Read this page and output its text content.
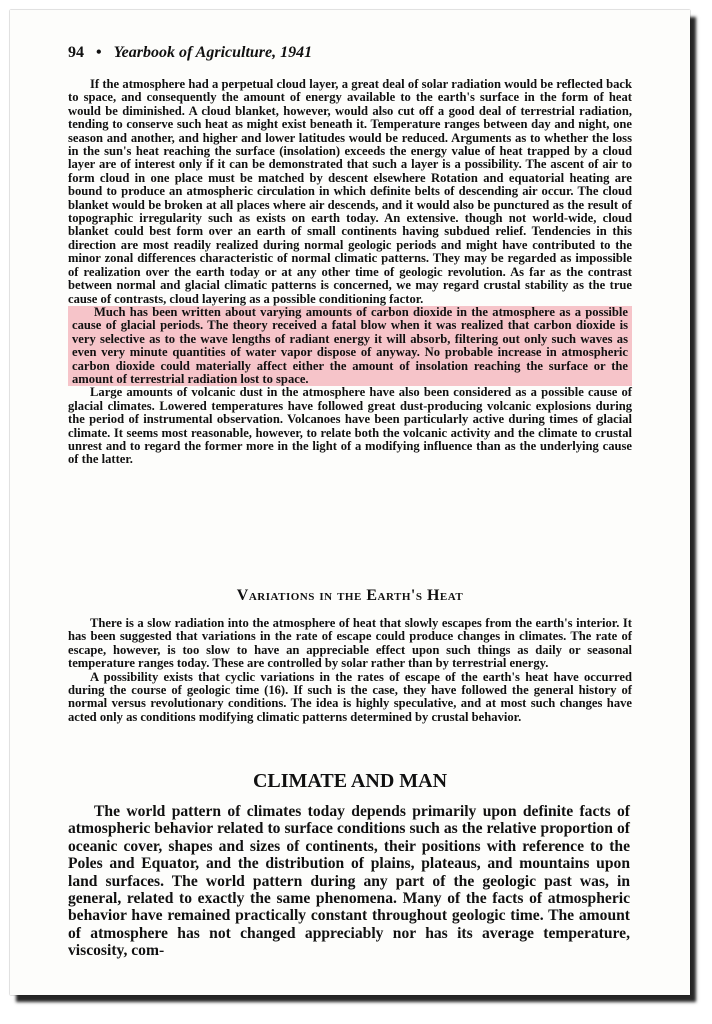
94 • Yearbook of Agriculture, 1941

If the atmosphere had a perpetual cloud layer, a great deal of solar radiation would be reflected back to space, and consequently the amount of energy available to the earth's surface in the form of heat would be diminished. A cloud blanket, however, would also cut off a good deal of terrestrial radiation, tending to conserve such heat as might exist beneath it. Temperature ranges between day and night, one season and another, and higher and lower latitudes would be reduced. Arguments as to whether the loss in the sun's heat reaching the surface (insolation) exceeds the energy value of heat trapped by a cloud layer are of interest only if it can be demonstrated that such a layer is a possibility. The ascent of air to form cloud in one place must be matched by descent elsewhere Rotation and equatorial heating are bound to produce an atmospheric circulation in which definite belts of descending air occur. The cloud blanket would be broken at all places where air descends, and it would also be punctured as the result of topographic irregularity such as exists on earth today. An extensive. though not world-wide, cloud blanket could best form over an earth of small continents having subdued relief. Tendencies in this direction are most readily realized during normal geologic periods and might have contributed to the minor zonal differences characteristic of normal climatic patterns. They may be regarded as impossible of realization over the earth today or at any other time of geologic revolution. As far as the contrast between normal and glacial climatic patterns is concerned, we may regard crustal stability as the true cause of contrasts, cloud layering as a possible conditioning factor.

Much has been written about varying amounts of carbon dioxide in the atmosphere as a possible cause of glacial periods. The theory received a fatal blow when it was realized that carbon dioxide is very selective as to the wave lengths of radiant energy it will absorb, filtering out only such waves as even very minute quantities of water vapor dispose of anyway. No probable increase in atmospheric carbon dioxide could materially affect either the amount of insolation reaching the surface or the amount of terrestrial radiation lost to space.

Large amounts of volcanic dust in the atmosphere have also been considered as a possible cause of glacial climates. Lowered temperatures have followed great dust-producing volcanic explosions during the period of instrumental observation. Volcanoes have been particularly active during times of glacial climate. It seems most reasonable, however, to relate both the volcanic activity and the climate to crustal unrest and to regard the former more in the light of a modifying influence than as the underlying cause of the latter.

Variations in the Earth's Heat

There is a slow radiation into the atmosphere of heat that slowly escapes from the earth's interior. It has been suggested that variations in the rate of escape could produce changes in climates. The rate of escape, however, is too slow to have an appreciable effect upon such things as daily or seasonal temperature ranges today. These are controlled by solar rather than by terrestrial energy.

A possibility exists that cyclic variations in the rates of escape of the earth's heat have occurred during the course of geologic time (16). If such is the case, they have followed the general history of normal versus revolutionary conditions. The idea is highly speculative, and at most such changes have acted only as conditions modifying climatic patterns determined by crustal behavior.

CLIMATE AND MAN

The world pattern of climates today depends primarily upon definite facts of atmospheric behavior related to surface conditions such as the relative proportion of oceanic cover, shapes and sizes of continents, their positions with reference to the Poles and Equator, and the distribution of plains, plateaus, and mountains upon land surfaces. The world pattern during any part of the geologic past was, in general, related to exactly the same phenomena. Many of the facts of atmospheric behavior have remained practically constant throughout geologic time. The amount of atmosphere has not changed appreciably nor has its average temperature, viscosity, com-
